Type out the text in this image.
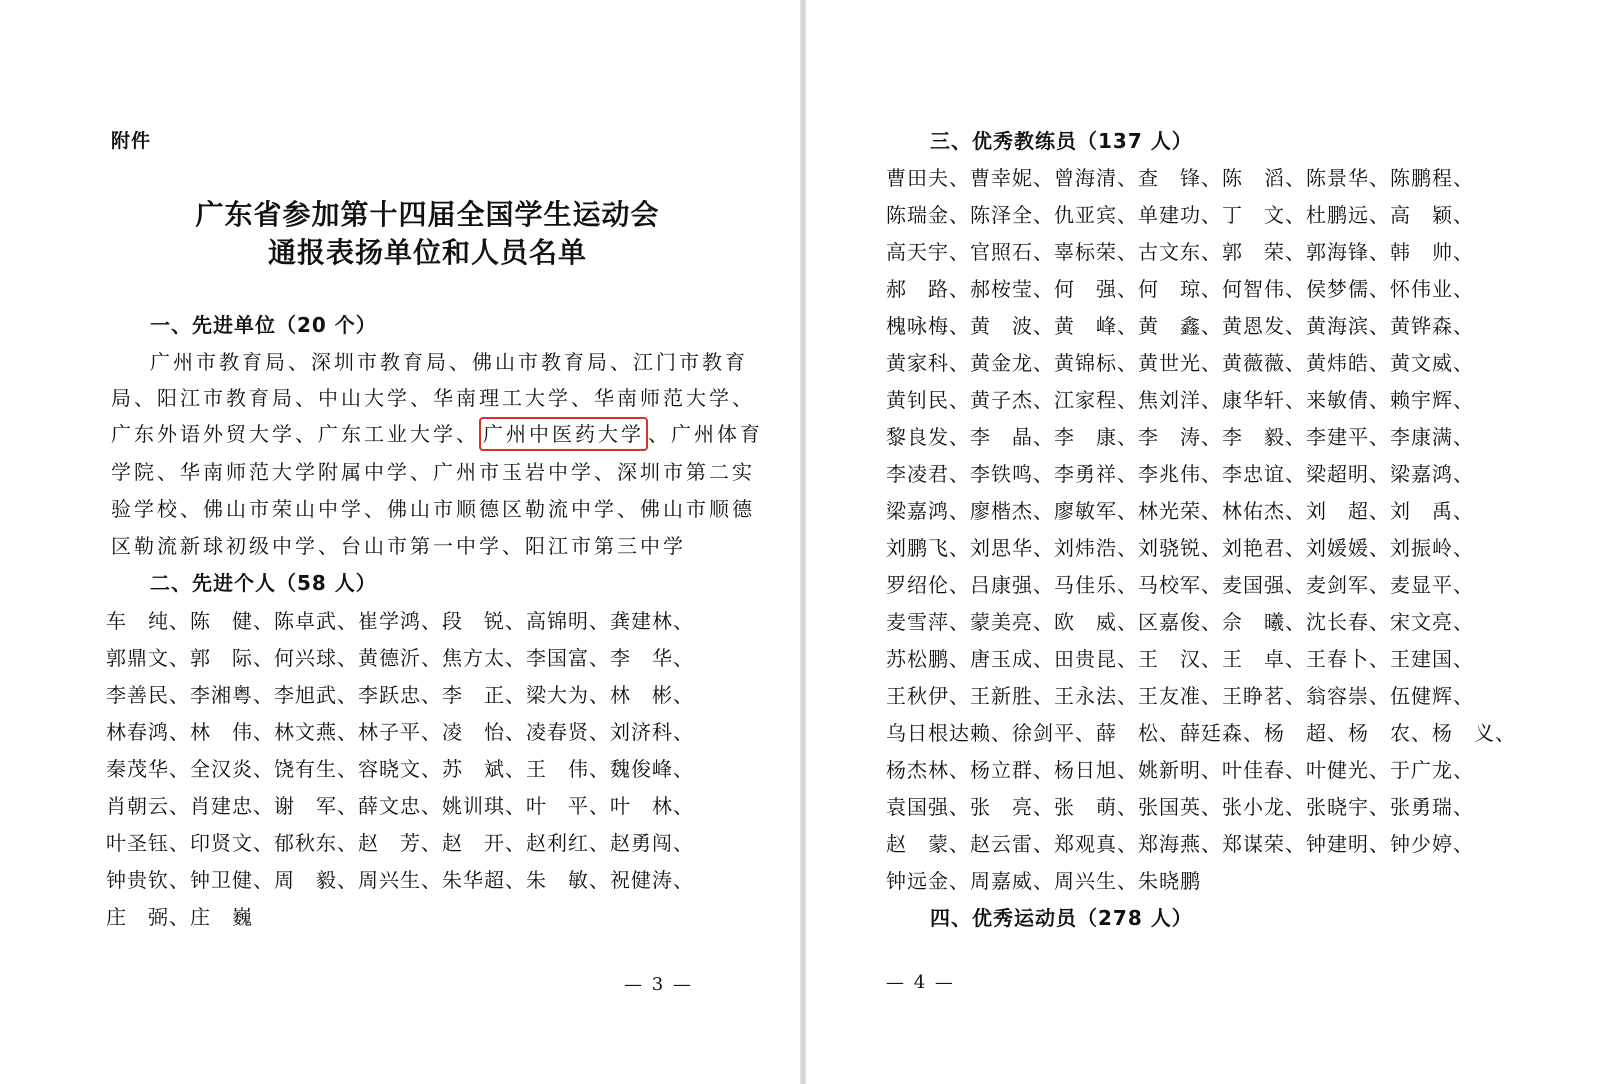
附件
广东省参加第十四届全国学生运动会
通报表扬单位和人员名单
一、先进单位（20 个）
广州市教育局、深圳市教育局、佛山市教育局、江门市教育
局、阳江市教育局、中山大学、华南理工大学、华南师范大学、
广东外语外贸大学、广东工业大学、 广州中医药大学 、广州体育
学院、华南师范大学附属中学、广州市玉岩中学、深圳市第二实
验学校、佛山市荣山中学、佛山市顺德区勒流中学、佛山市顺德
区勒流新球初级中学、台山市第一中学、阳江市第三中学
二、先进个人（58 人）
车　纯、陈　健、陈卓武、崔学鸿、段　锐、高锦明、龚建林、
郭鼎文、郭　际、何兴球、黄德沂、焦方太、李国富、李　华、
李善民、李湘粤、李旭武、李跃忠、李　正、梁大为、林　彬、
林春鸿、林　伟、林文燕、林子平、凌　怡、凌春贤、刘济科、
秦茂华、全汉炎、饶有生、容晓文、苏　斌、王　伟、魏俊峰、
肖朝云、肖建忠、谢　军、薛文忠、姚训琪、叶　平、叶　林、
叶圣钰、印贤文、郁秋东、赵　芳、赵　开、赵利红、赵勇闯、
钟贵钦、钟卫健、周　毅、周兴生、朱华超、朱　敏、祝健涛、
庄　弼、庄　巍
— 3 —
三、优秀教练员（137 人）
曹田夫、曹幸妮、曾海清、查　锋、陈　滔、陈景华、陈鹏程、
陈瑞金、陈泽全、仇亚宾、单建功、丁　文、杜鹏远、高　颖、
高天宇、官照石、辜标荣、古文东、郭　荣、郭海锋、韩　帅、
郝　路、郝桉莹、何　强、何　琼、何智伟、侯梦儒、怀伟业、
槐咏梅、黄　波、黄　峰、黄　鑫、黄恩发、黄海滨、黄铧森、
黄家科、黄金龙、黄锦标、黄世光、黄薇薇、黄炜皓、黄文威、
黄钊民、黄子杰、江家程、焦刘洋、康华轩、来敏倩、赖宇辉、
黎良发、李　晶、李　康、李　涛、李　毅、李建平、李康满、
李凌君、李铁鸣、李勇祥、李兆伟、李忠谊、梁超明、梁嘉鸿、
梁嘉鸿、廖楷杰、廖敏军、林光荣、林佑杰、刘　超、刘　禹、
刘鹏飞、刘思华、刘炜浩、刘骁锐、刘艳君、刘媛媛、刘振岭、
罗绍伦、吕康强、马佳乐、马校军、麦国强、麦剑军、麦显平、
麦雪萍、蒙美亮、欧　威、区嘉俊、佘　曦、沈长春、宋文亮、
苏松鹏、唐玉成、田贵昆、王　汉、王　卓、王春卜、王建国、
王秋伊、王新胜、王永法、王友准、王睁茗、翁容崇、伍健辉、
乌日根达赖、徐剑平、薛　松、薛廷森、杨　超、杨　农、杨　义、
杨杰林、杨立群、杨日旭、姚新明、叶佳春、叶健光、于广龙、
袁国强、张　亮、张　萌、张国英、张小龙、张晓宇、张勇瑞、
赵　蒙、赵云雷、郑观真、郑海燕、郑谋荣、钟建明、钟少婷、
钟远金、周嘉威、周兴生、朱晓鹏
四、优秀运动员（278 人）
— 4 —
